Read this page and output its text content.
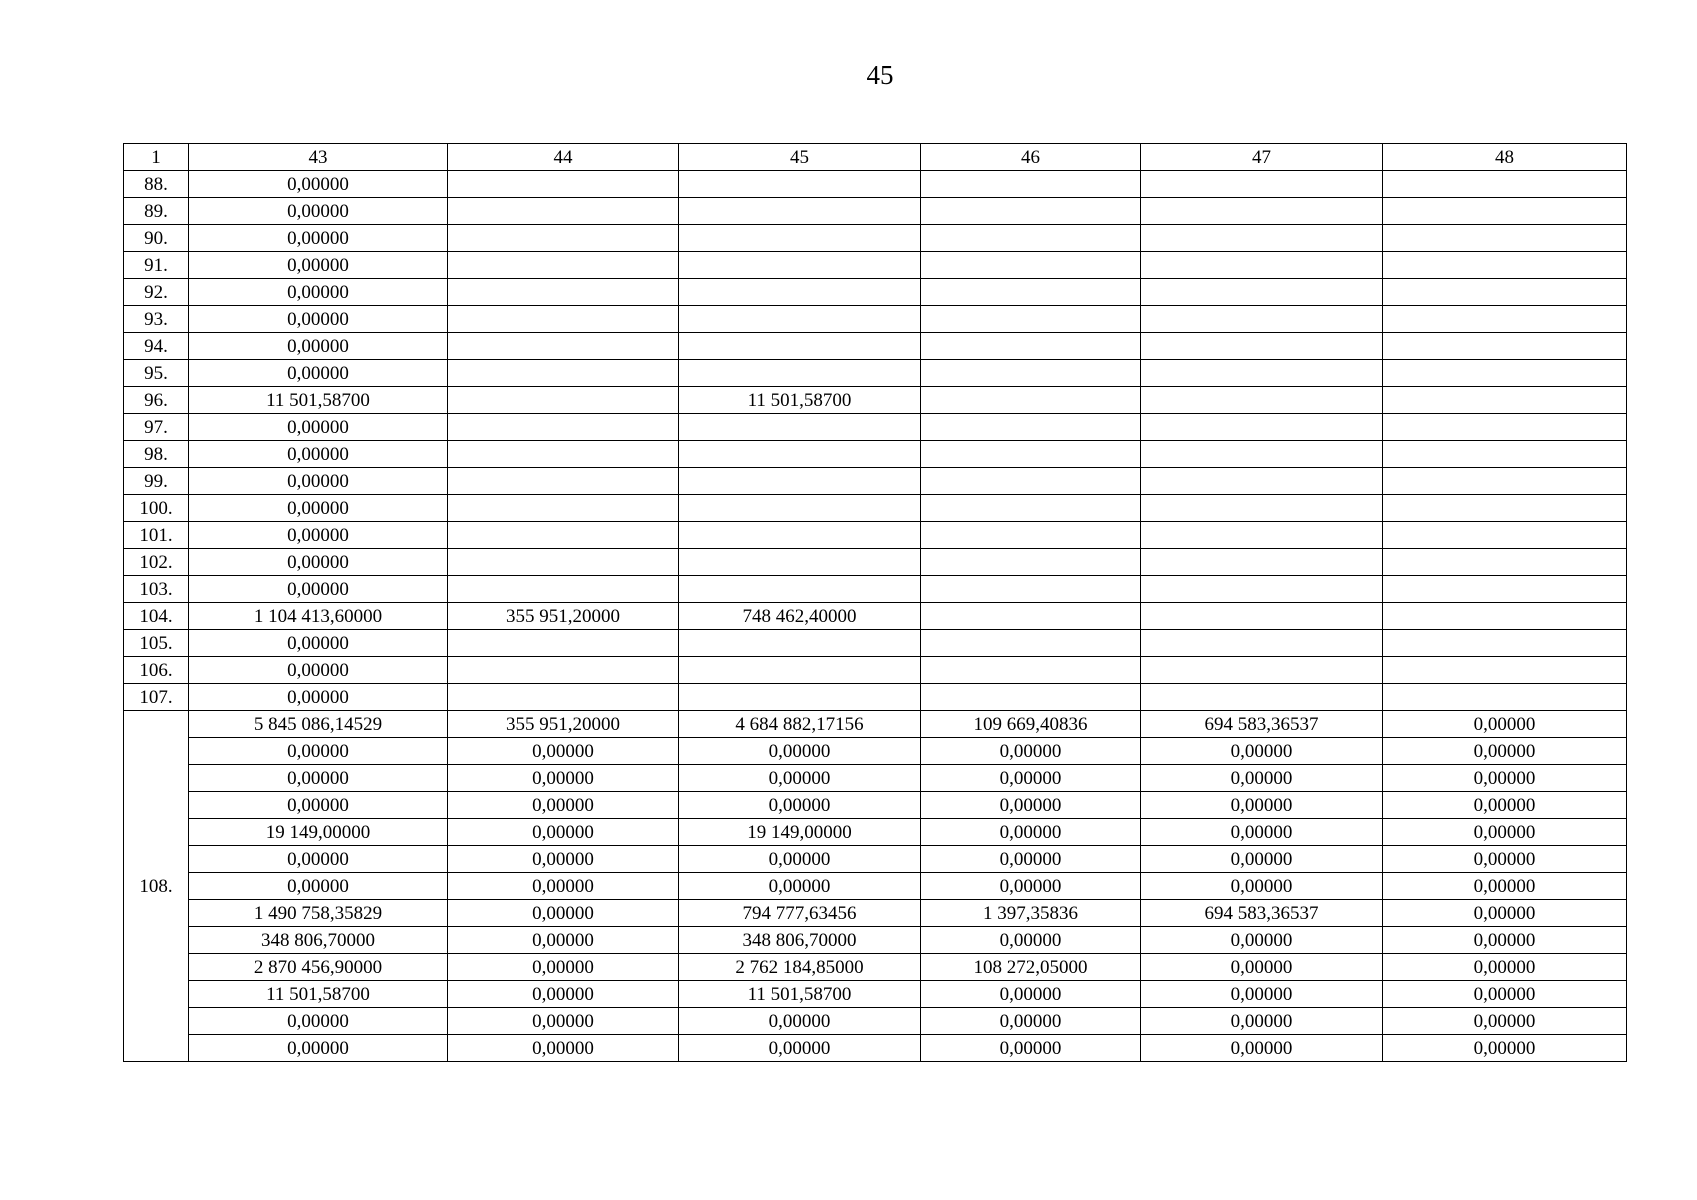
45
1	43	44	45	46	47	48
88.	0,00000					
89.	0,00000					
90.	0,00000					
91.	0,00000					
92.	0,00000					
93.	0,00000					
94.	0,00000					
95.	0,00000					
96.	11 501,58700		11 501,58700			
97.	0,00000					
98.	0,00000					
99.	0,00000					
100.	0,00000					
101.	0,00000					
102.	0,00000					
103.	0,00000					
104.	1 104 413,60000	355 951,20000	748 462,40000			
105.	0,00000					
106.	0,00000					
107.	0,00000					
108.	5 845 086,14529	355 951,20000	4 684 882,17156	109 669,40836	694 583,36537	0,00000
	0,00000	0,00000	0,00000	0,00000	0,00000	0,00000
	0,00000	0,00000	0,00000	0,00000	0,00000	0,00000
	0,00000	0,00000	0,00000	0,00000	0,00000	0,00000
	19 149,00000	0,00000	19 149,00000	0,00000	0,00000	0,00000
	0,00000	0,00000	0,00000	0,00000	0,00000	0,00000
	0,00000	0,00000	0,00000	0,00000	0,00000	0,00000
	1 490 758,35829	0,00000	794 777,63456	1 397,35836	694 583,36537	0,00000
	348 806,70000	0,00000	348 806,70000	0,00000	0,00000	0,00000
	2 870 456,90000	0,00000	2 762 184,85000	108 272,05000	0,00000	0,00000
	11 501,58700	0,00000	11 501,58700	0,00000	0,00000	0,00000
	0,00000	0,00000	0,00000	0,00000	0,00000	0,00000
	0,00000	0,00000	0,00000	0,00000	0,00000	0,00000
